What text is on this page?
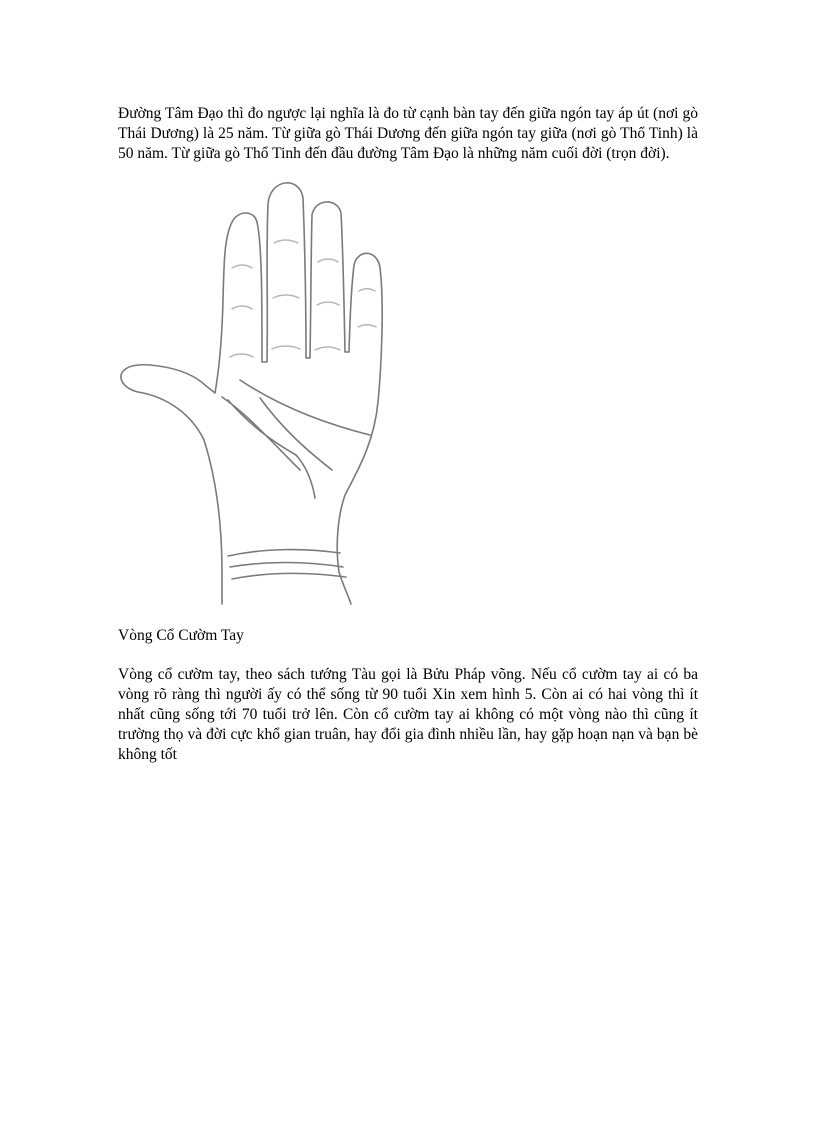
Đường Tâm Đạo thì đo ngược lại nghĩa là đo từ cạnh bàn tay đến giữa ngón tay áp út (nơi gò Thái Dương) là 25 năm. Từ giữa gò Thái Dương đến giữa ngón tay giữa (nơi gò Thổ Tinh) là 50 năm. Từ giữa gò Thổ Tinh đến đầu đường Tâm Đạo là những năm cuối đời (trọn đời).

Vòng Cổ Cườm Tay

Vòng cổ cườm tay, theo sách tướng Tàu gọi là Bửu Pháp võng. Nếu cổ cườm tay ai có ba vòng rõ ràng thì người ấy có thể sống từ 90 tuổi Xin xem hình 5. Còn ai có hai vòng thì ít nhất cũng sống tới 70 tuổi trở lên. Còn cổ cườm tay ai không có một vòng nào thì cũng ít trường thọ và đời cực khổ gian truân, hay đổi gia đình nhiều lần, hay gặp hoạn nạn và bạn bè không tốt
